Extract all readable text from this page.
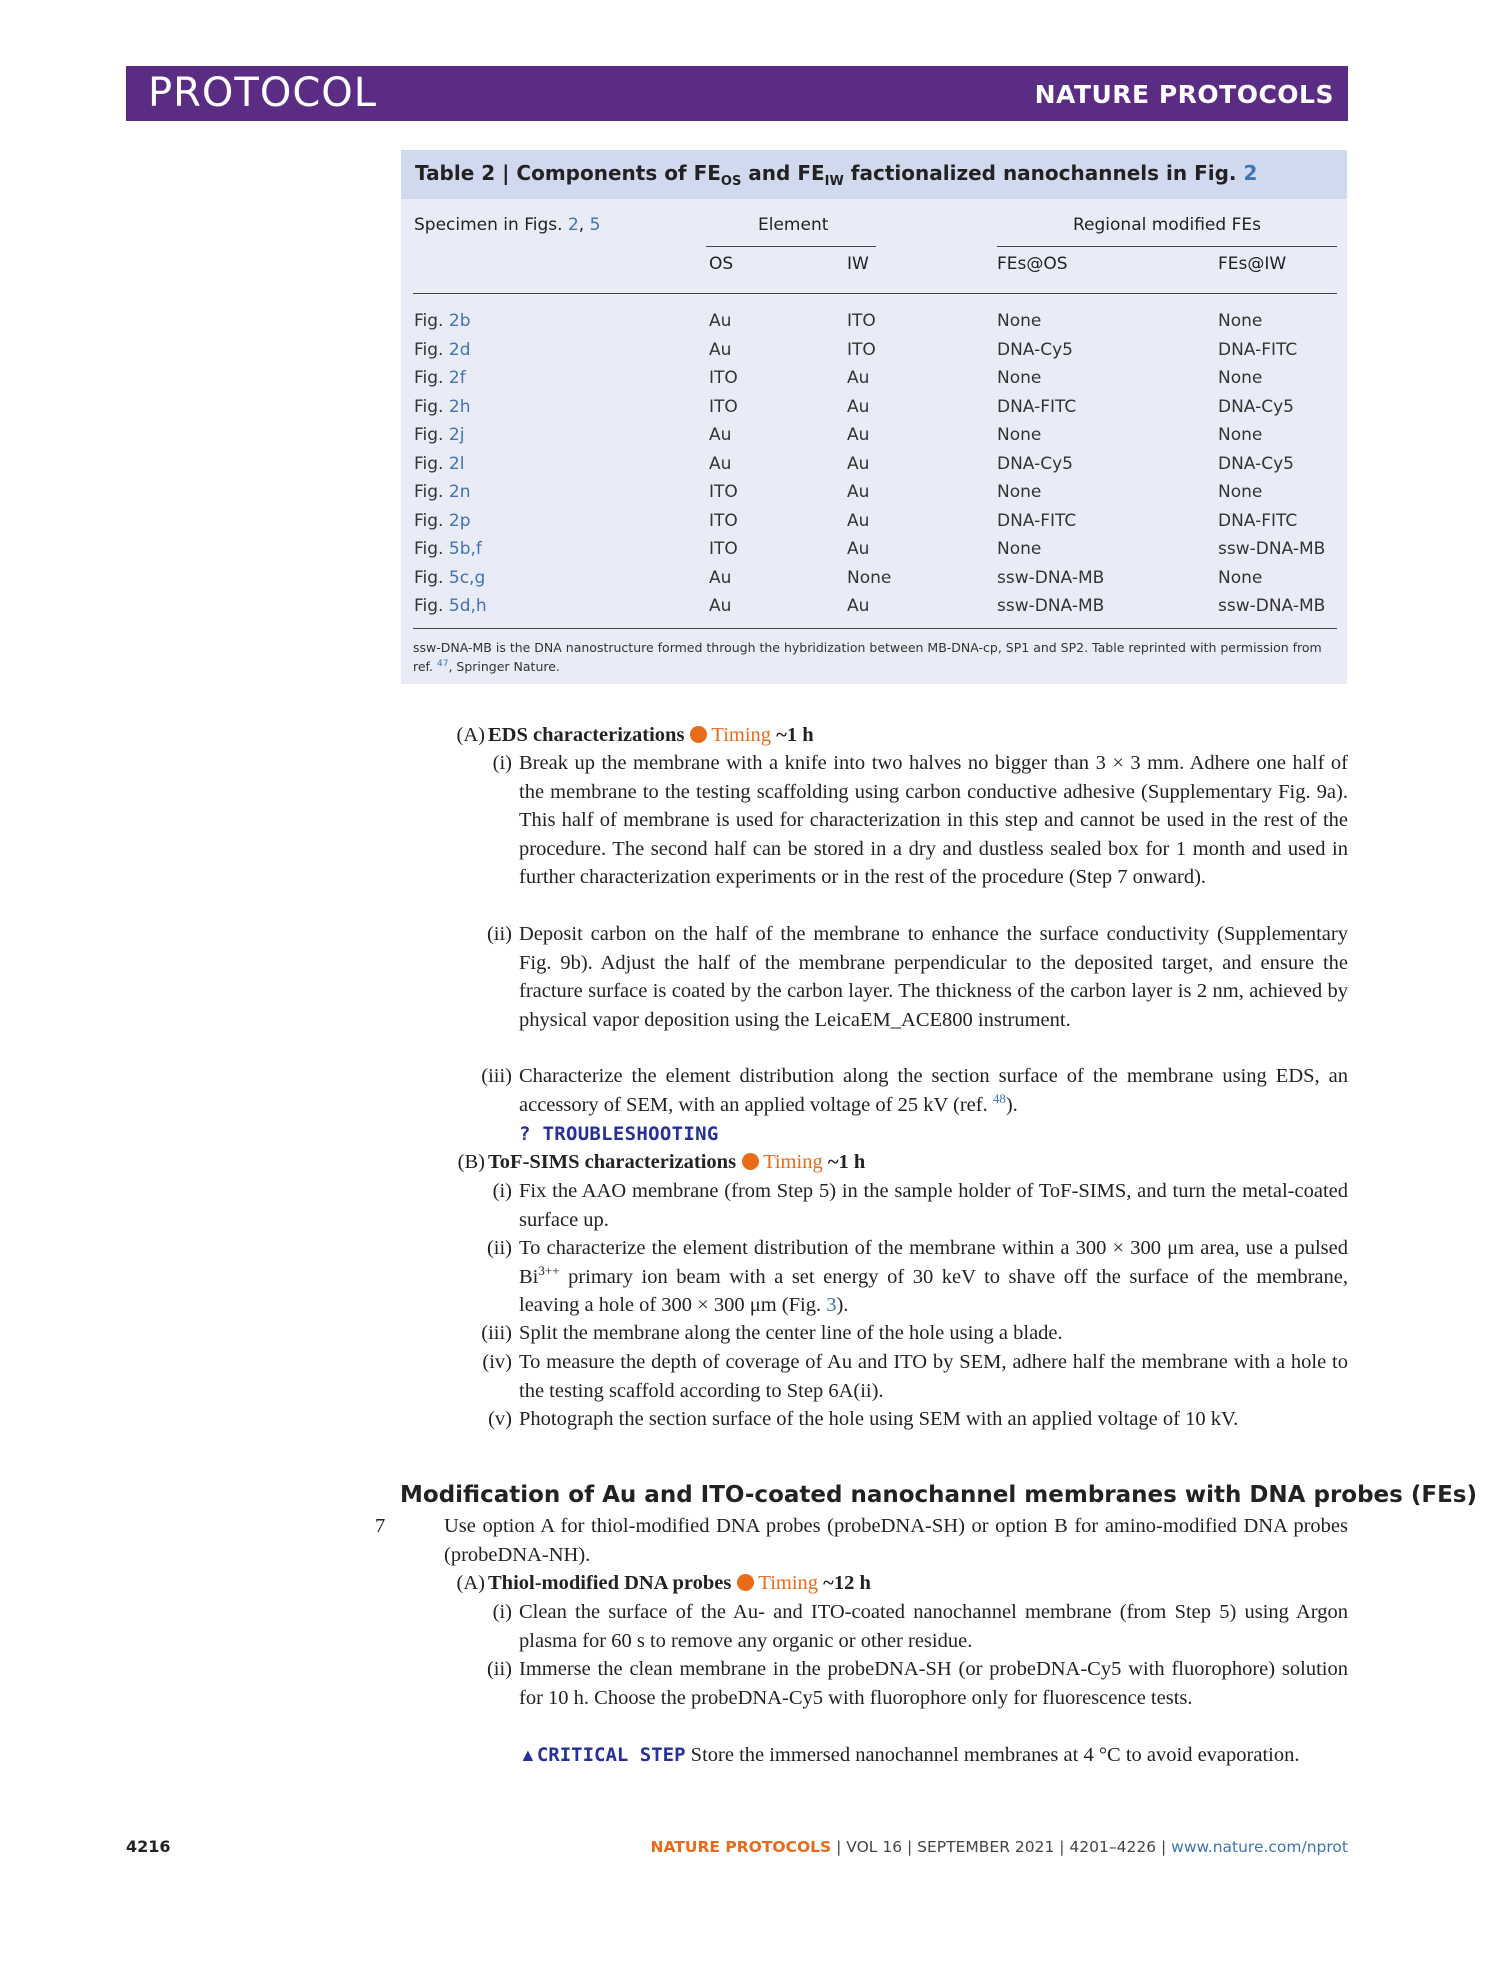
PROTOCOL	NATURE PROTOCOLS
Table 2 | Components of $FE_{OS}$ and $FE_{IW}$ factionalized nanochannels in Fig. 2
Specimen in Figs. 2, 5	Element	Regional modified FEs
OS	IW	FEs@OS	FEs@IW
Fig. 2b	Au	ITO	None	None
Fig. 2d	Au	ITO	DNA-Cy5	DNA-FITC
Fig. 2f	ITO	Au	None	None
Fig. 2h	ITO	Au	DNA-FITC	DNA-Cy5
Fig. 2j	Au	Au	None	None
Fig. 2l	Au	Au	DNA-Cy5	DNA-Cy5
Fig. 2n	ITO	Au	None	None
Fig. 2p	ITO	Au	DNA-FITC	DNA-FITC
Fig. 5b,f	ITO	Au	None	ssw-DNA-MB
Fig. 5c,g	Au	None	ssw-DNA-MB	None
Fig. 5d,h	Au	Au	ssw-DNA-MB	ssw-DNA-MB
ssw-DNA-MB is the DNA nanostructure formed through the hybridization between MB-DNA-cp, SP1 and SP2. Table reprinted with permission from ref. $^{47}$, Springer Nature.
(A) EDS characterizations Timing ~1 h
(i) Break up the membrane with a knife into two halves no bigger than 3 × 3 mm. Adhere one half of the membrane to the testing scaffolding using carbon conductive adhesive (Supplementary Fig. 9a). This half of membrane is used for characterization in this step and cannot be used in the rest of the procedure. The second half can be stored in a dry and dustless sealed box for 1 month and used in further characterization experiments or in the rest of the procedure (Step 7 onward).
(ii) Deposit carbon on the half of the membrane to enhance the surface conductivity (Supplementary Fig. 9b). Adjust the half of the membrane perpendicular to the deposited target, and ensure the fracture surface is coated by the carbon layer. The thickness of the carbon layer is 2 nm, achieved by physical vapor deposition using the LeicaEM_ACE800 instrument.
(iii) Characterize the element distribution along the section surface of the membrane using EDS, an accessory of SEM, with an applied voltage of 25 kV (ref. $^{48}$).
? TROUBLESHOOTING
(B) ToF-SIMS characterizations Timing ~1 h
(i) Fix the AAO membrane (from Step 5) in the sample holder of ToF-SIMS, and turn the metal-coated surface up.
(ii) To characterize the element distribution of the membrane within a 300 × 300 μm area, use a pulsed $Bi^{3++}$ primary ion beam with a set energy of 30 keV to shave off the surface of the membrane, leaving a hole of 300 × 300 μm (Fig. 3).
(iii) Split the membrane along the center line of the hole using a blade.
(iv) To measure the depth of coverage of Au and ITO by SEM, adhere half the membrane with a hole to the testing scaffold according to Step 6A(ii).
(v) Photograph the section surface of the hole using SEM with an applied voltage of 10 kV.
Modification of Au and ITO-coated nanochannel membranes with DNA probes (FEs)
7	Use option A for thiol-modified DNA probes (probeDNA-SH) or option B for amino-modified DNA probes (probeDNA-NH).
(A) Thiol-modified DNA probes Timing ~12 h
(i) Clean the surface of the Au- and ITO-coated nanochannel membrane (from Step 5) using Argon plasma for 60 s to remove any organic or other residue.
(ii) Immerse the clean membrane in the probeDNA-SH (or probeDNA-Cy5 with fluorophore) solution for 10 h. Choose the probeDNA-Cy5 with fluorophore only for fluorescence tests.
▲CRITICAL STEP Store the immersed nanochannel membranes at 4 °C to avoid evaporation.
4216	NATURE PROTOCOLS | VOL 16 | SEPTEMBER 2021 | 4201–4226 | www.nature.com/nprot
